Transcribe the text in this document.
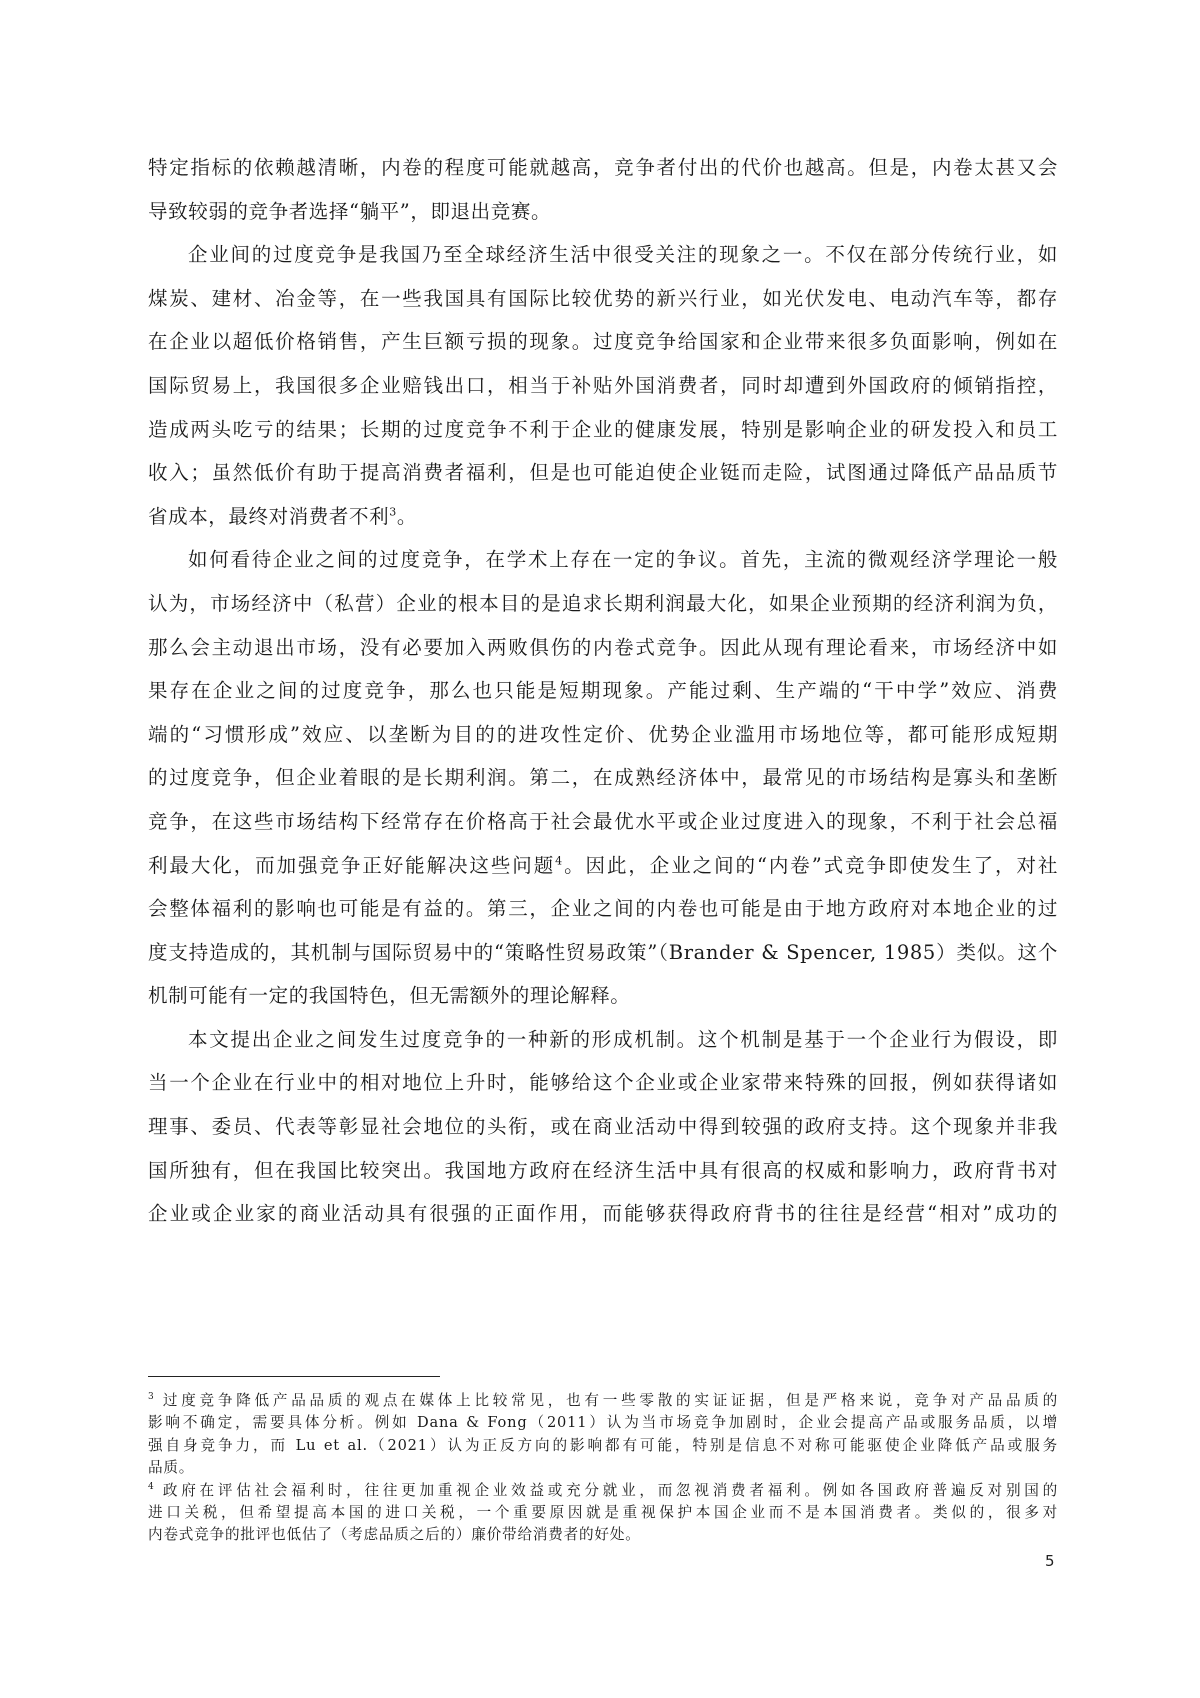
特定指标的依赖越清晰，内卷的程度可能就越高，竞争者付出的代价也越高。但是，内卷太甚又会
导致较弱的竞争者选择“躺平”，即退出竞赛。
企业间的过度竞争是我国乃至全球经济生活中很受关注的现象之一。不仅在部分传统行业，如
煤炭、建材、冶金等，在一些我国具有国际比较优势的新兴行业，如光伏发电、电动汽车等，都存
在企业以超低价格销售，产生巨额亏损的现象。过度竞争给国家和企业带来很多负面影响，例如在
国际贸易上，我国很多企业赔钱出口，相当于补贴外国消费者，同时却遭到外国政府的倾销指控，
造成两头吃亏的结果；长期的过度竞争不利于企业的健康发展，特别是影响企业的研发投入和员工
收入；虽然低价有助于提高消费者福利，但是也可能迫使企业铤而走险，试图通过降低产品品质节
省成本，最终对消费者不利$^3$。
如何看待企业之间的过度竞争，在学术上存在一定的争议。首先，主流的微观经济学理论一般
认为，市场经济中（私营）企业的根本目的是追求长期利润最大化，如果企业预期的经济利润为负，
那么会主动退出市场，没有必要加入两败俱伤的内卷式竞争。因此从现有理论看来，市场经济中如
果存在企业之间的过度竞争，那么也只能是短期现象。产能过剩、生产端的“干中学”效应、消费
端的“习惯形成”效应、以垄断为目的的进攻性定价、优势企业滥用市场地位等，都可能形成短期
的过度竞争，但企业着眼的是长期利润。第二，在成熟经济体中，最常见的市场结构是寡头和垄断
竞争，在这些市场结构下经常存在价格高于社会最优水平或企业过度进入的现象，不利于社会总福
利最大化，而加强竞争正好能解决这些问题$^4$。因此，企业之间的“内卷”式竞争即使发生了，对社
会整体福利的影响也可能是有益的。第三，企业之间的内卷也可能是由于地方政府对本地企业的过
度支持造成的，其机制与国际贸易中的“策略性贸易政策”（Brander & Spencer, 1985）类似。这个
机制可能有一定的我国特色，但无需额外的理论解释。
本文提出企业之间发生过度竞争的一种新的形成机制。这个机制是基于一个企业行为假设，即
当一个企业在行业中的相对地位上升时，能够给这个企业或企业家带来特殊的回报，例如获得诸如
理事、委员、代表等彰显社会地位的头衔，或在商业活动中得到较强的政府支持。这个现象并非我
国所独有，但在我国比较突出。我国地方政府在经济生活中具有很高的权威和影响力，政府背书对
企业或企业家的商业活动具有很强的正面作用，而能够获得政府背书的往往是经营“相对”成功的
$^3$ 过度竞争降低产品品质的观点在媒体上比较常见，也有一些零散的实证证据，但是严格来说，竞争对产品品质的
影响不确定，需要具体分析。例如 Dana & Fong（2011）认为当市场竞争加剧时，企业会提高产品或服务品质，以增
强自身竞争力，而 Lu et al.（2021）认为正反方向的影响都有可能，特别是信息不对称可能驱使企业降低产品或服务
品质。
$^4$ 政府在评估社会福利时，往往更加重视企业效益或充分就业，而忽视消费者福利。例如各国政府普遍反对别国的
进口关税，但希望提高本国的进口关税，一个重要原因就是重视保护本国企业而不是本国消费者。类似的，很多对
内卷式竞争的批评也低估了（考虑品质之后的）廉价带给消费者的好处。
5
